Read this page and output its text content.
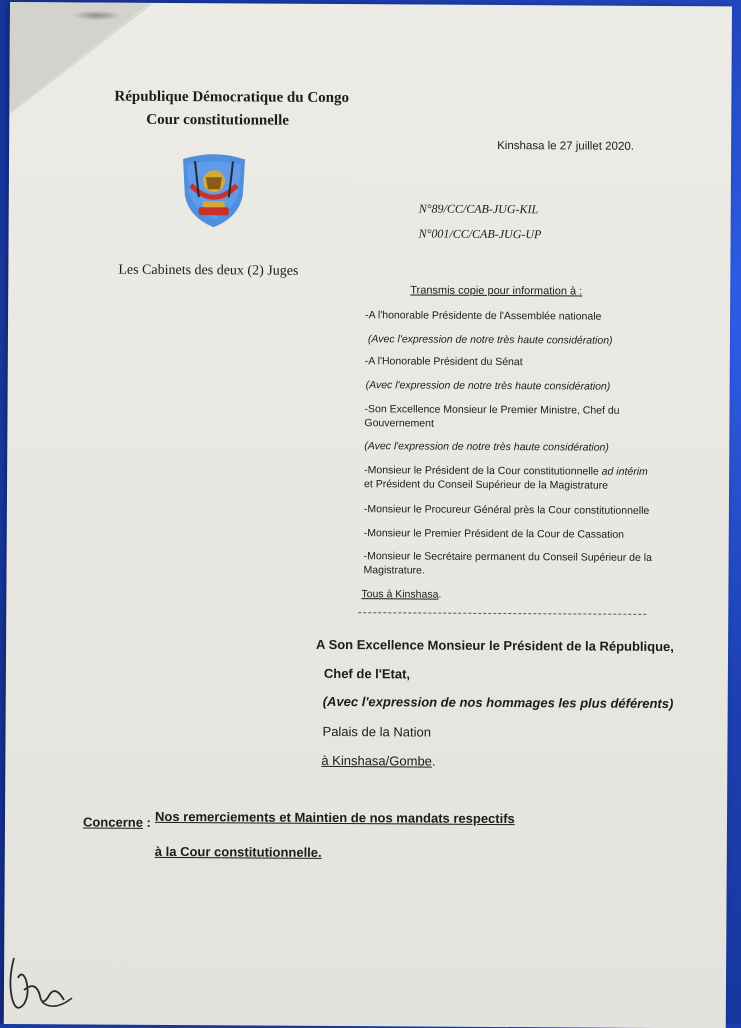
République Démocratique du Congo
Cour constitutionnelle
Kinshasa le 27 juillet 2020.
N°89/CC/CAB-JUG-KIL
N°001/CC/CAB-JUG-UP
Les Cabinets des deux (2) Juges
Transmis copie pour information à :
-A l'honorable Présidente de l'Assemblée nationale
(Avec l'expression de notre très haute considération)
-A l'Honorable Président du Sénat
(Avec l'expression de notre très haute considération)
-Son Excellence Monsieur le Premier Ministre, Chef du
Gouvernement
(Avec l'expression de notre très haute considération)
-Monsieur le Président de la Cour constitutionnelle ad intérim
et Président du Conseil Supérieur de la Magistrature
-Monsieur le Procureur Général près la Cour constitutionnelle
-Monsieur le Premier Président de la Cour de Cassation
-Monsieur le Secrétaire permanent du Conseil Supérieur de la
Magistrature.
Tous à Kinshasa.
A Son Excellence Monsieur le Président de la République,
Chef de l'Etat,
(Avec l'expression de nos hommages les plus déférents)
Palais de la Nation
à Kinshasa/Gombe.
Concerne : Nos remerciements et Maintien de nos mandats respectifs
à la Cour constitutionnelle.
